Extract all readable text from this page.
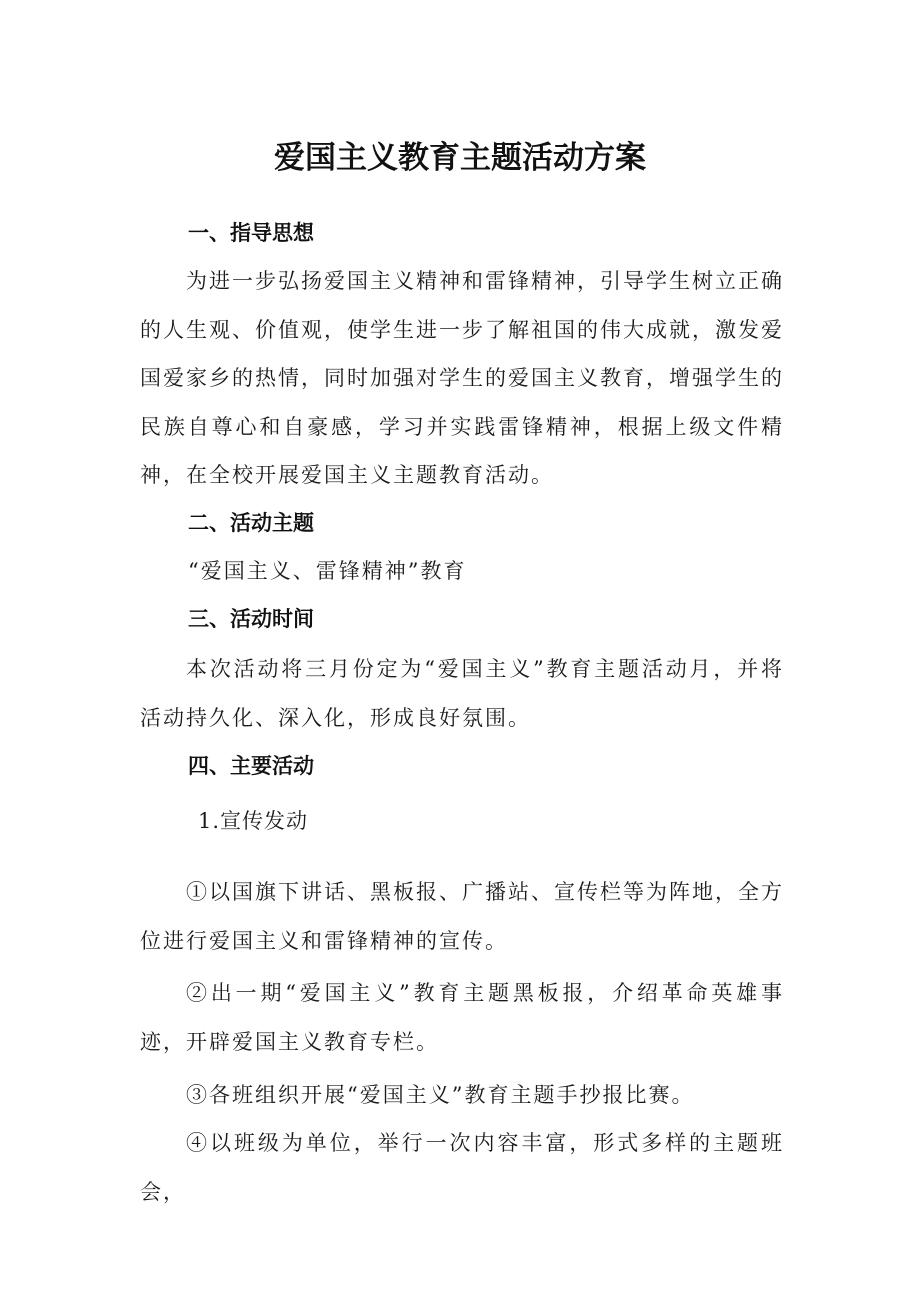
爱国主义教育主题活动方案
一、指导思想

为进一步弘扬爱国主义精神和雷锋精神，引导学生树立正确的人生观、价值观，使学生进一步了解祖国的伟大成就，激发爱国爱家乡的热情，同时加强对学生的爱国主义教育，增强学生的民族自尊心和自豪感，学习并实践雷锋精神，根据上级文件精神，在全校开展爱国主义主题教育活动。

二、活动主题

“爱国主义、雷锋精神”教育

三、活动时间

本次活动将三月份定为“爱国主义”教育主题活动月，并将活动持久化、深入化，形成良好氛围。

四、主要活动

1.宣传发动

①以国旗下讲话、黑板报、广播站、宣传栏等为阵地，全方位进行爱国主义和雷锋精神的宣传。

②出一期“爱国主义”教育主题黑板报，介绍革命英雄事迹，开辟爱国主义教育专栏。

③各班组织开展“爱国主义”教育主题手抄报比赛。

④以班级为单位，举行一次内容丰富，形式多样的主题班会，
